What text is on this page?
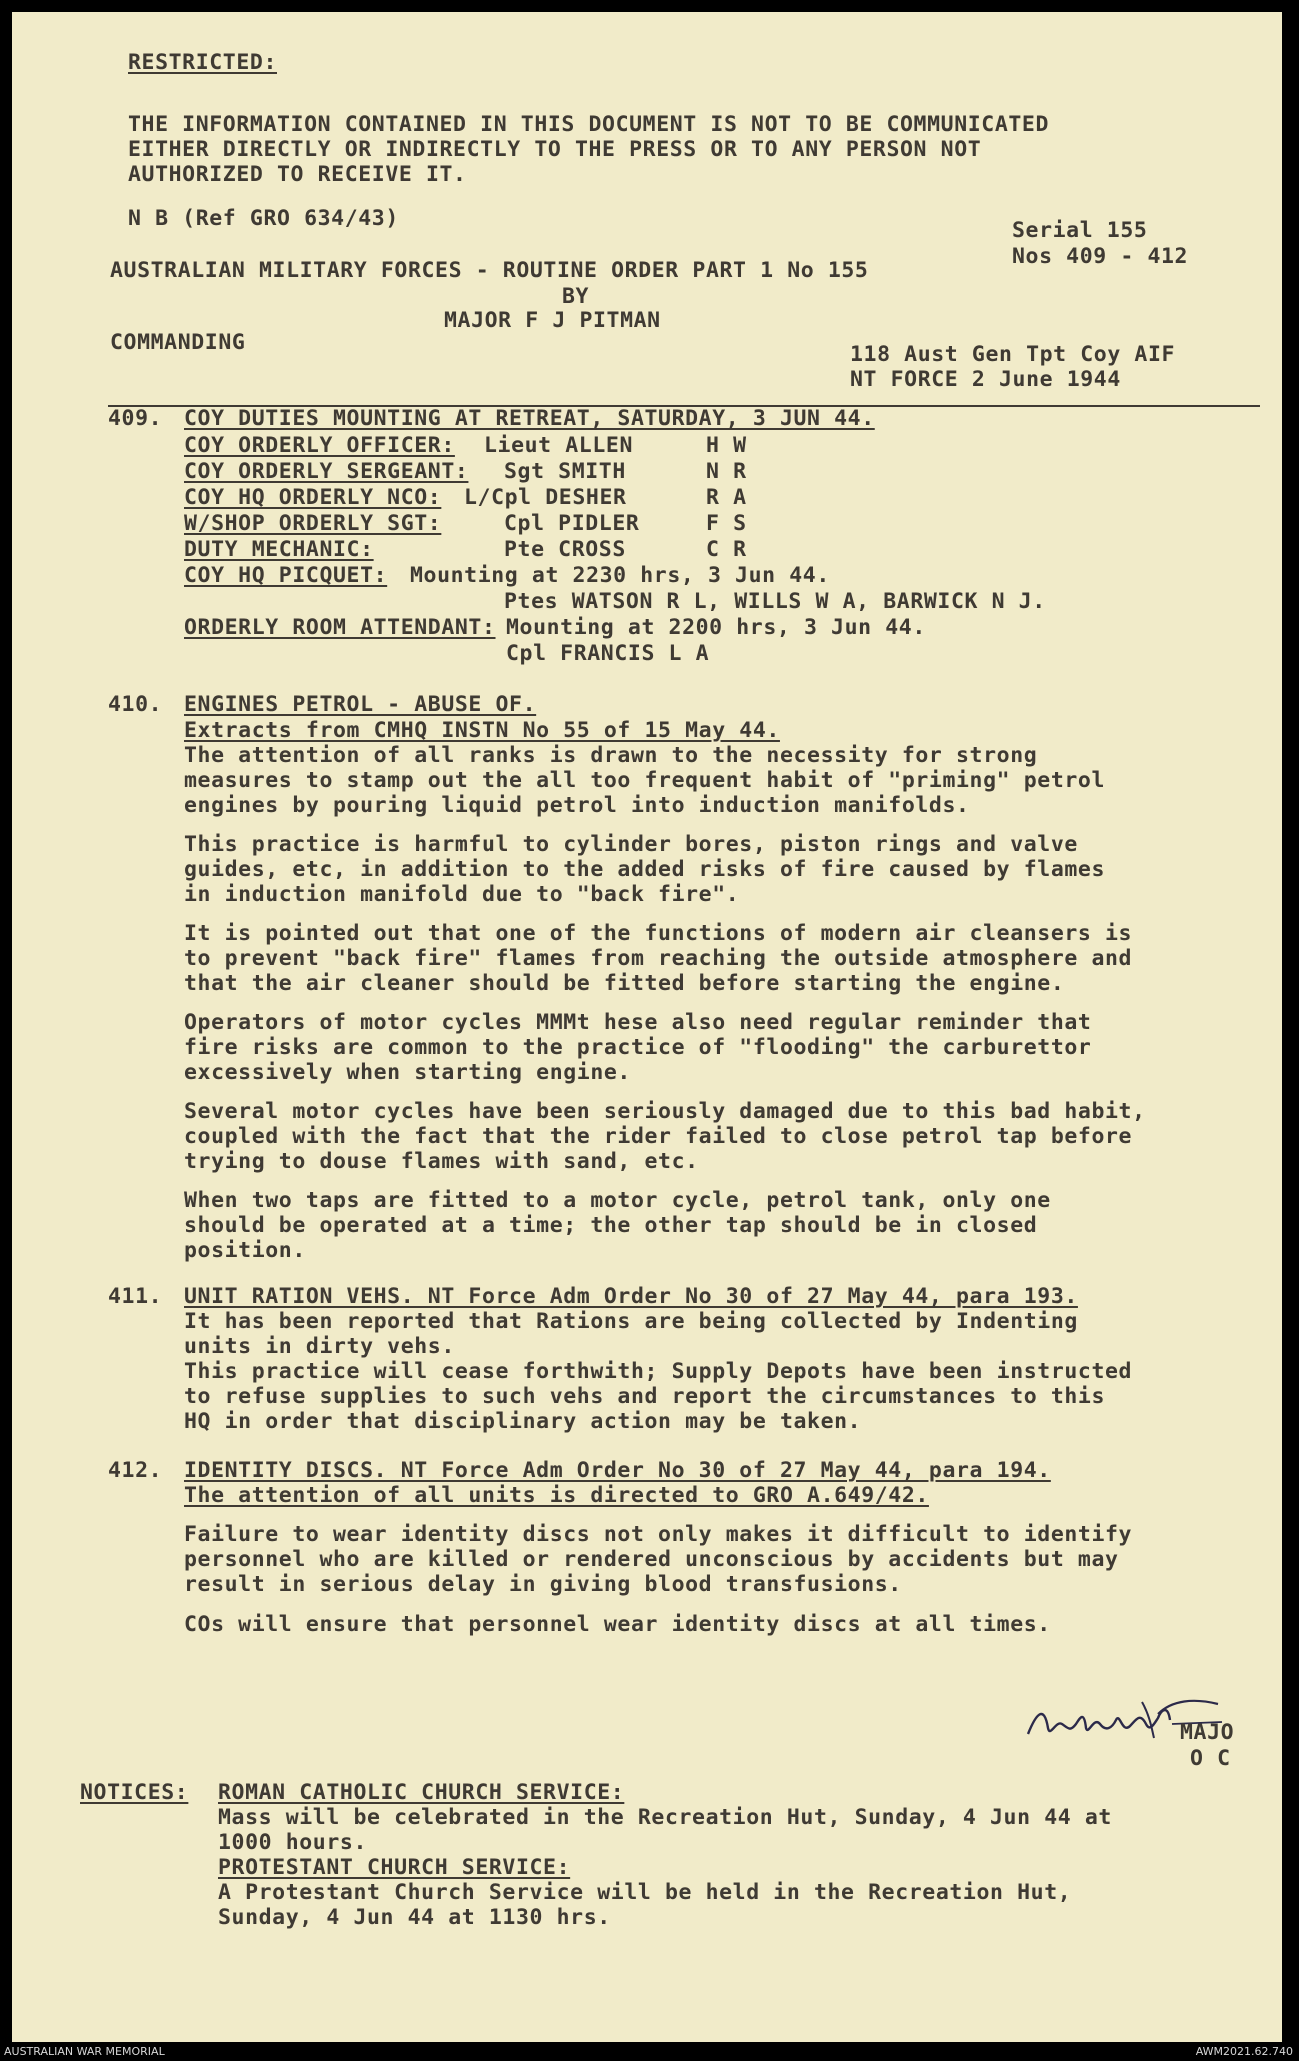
RESTRICTED:
THE INFORMATION CONTAINED IN THIS DOCUMENT IS NOT TO BE COMMUNICATED
EITHER DIRECTLY OR INDIRECTLY TO THE PRESS OR TO ANY PERSON NOT
AUTHORIZED TO RECEIVE IT.
N B (Ref GRO 634/43)	Serial 155
Nos 409 - 412
AUSTRALIAN MILITARY FORCES - ROUTINE ORDER PART 1 No 155
BY
MAJOR F J PITMAN
COMMANDING	118 Aust Gen Tpt Coy AIF
NT FORCE 2 June 1944
409. COY DUTIES MOUNTING AT RETREAT, SATURDAY, 3 JUN 44.
COY ORDERLY OFFICER: Lieut ALLEN	H W
COY ORDERLY SERGEANT: Sgt SMITH	N R
COY HQ ORDERLY NCO: L/Cpl DESHER	R A
W/SHOP ORDERLY SGT:	Cpl PIDLER	F S
DUTY MECHANIC:	Pte CROSS	C R
COY HQ PICQUET: Mounting at 2230 hrs, 3 Jun 44.
Ptes WATSON R L, WILLS W A, BARWICK N J.
ORDERLY ROOM ATTENDANT: Mounting at 2200 hrs, 3 Jun 44.
Cpl FRANCIS L A
410. ENGINES PETROL - ABUSE OF.
Extracts from CMHQ INSTN No 55 of 15 May 44.
The attention of all ranks is drawn to the necessity for strong
measures to stamp out the all too frequent habit of "priming" petrol
engines by pouring liquid petrol into induction manifolds.
This practice is harmful to cylinder bores, piston rings and valve
guides, etc, in addition to the added risks of fire caused by flames
in induction manifold due to "back fire".
It is pointed out that one of the functions of modern air cleansers is
to prevent "back fire" flames from reaching the outside atmosphere and
that the air cleaner should be fitted before starting the engine.
Operators of motor cycles MMMt hese also need regular reminder that
fire risks are common to the practice of "flooding" the carburettor
excessively when starting engine.
Several motor cycles have been seriously damaged due to this bad habit,
coupled with the fact that the rider failed to close petrol tap before
trying to douse flames with sand, etc.
When two taps are fitted to a motor cycle, petrol tank, only one
should be operated at a time; the other tap should be in closed
position.
411. UNIT RATION VEHS. NT Force Adm Order No 30 of 27 May 44, para 193.
It has been reported that Rations are being collected by Indenting
units in dirty vehs.
This practice will cease forthwith; Supply Depots have been instructed
to refuse supplies to such vehs and report the circumstances to this
HQ in order that disciplinary action may be taken.
412. IDENTITY DISCS. NT Force Adm Order No 30 of 27 May 44, para 194.
The attention of all units is directed to GRO A.649/42.
Failure to wear identity discs not only makes it difficult to identify
personnel who are killed or rendered unconscious by accidents but may
result in serious delay in giving blood transfusions.
COs will ensure that personnel wear identity discs at all times.
MAJO
O C
NOTICES: ROMAN CATHOLIC CHURCH SERVICE:
Mass will be celebrated in the Recreation Hut, Sunday, 4 Jun 44 at
1000 hours.
PROTESTANT CHURCH SERVICE:
A Protestant Church Service will be held in the Recreation Hut,
Sunday, 4 Jun 44 at 1130 hrs.
AUSTRALIAN WAR MEMORIAL	AWM2021.62.740
